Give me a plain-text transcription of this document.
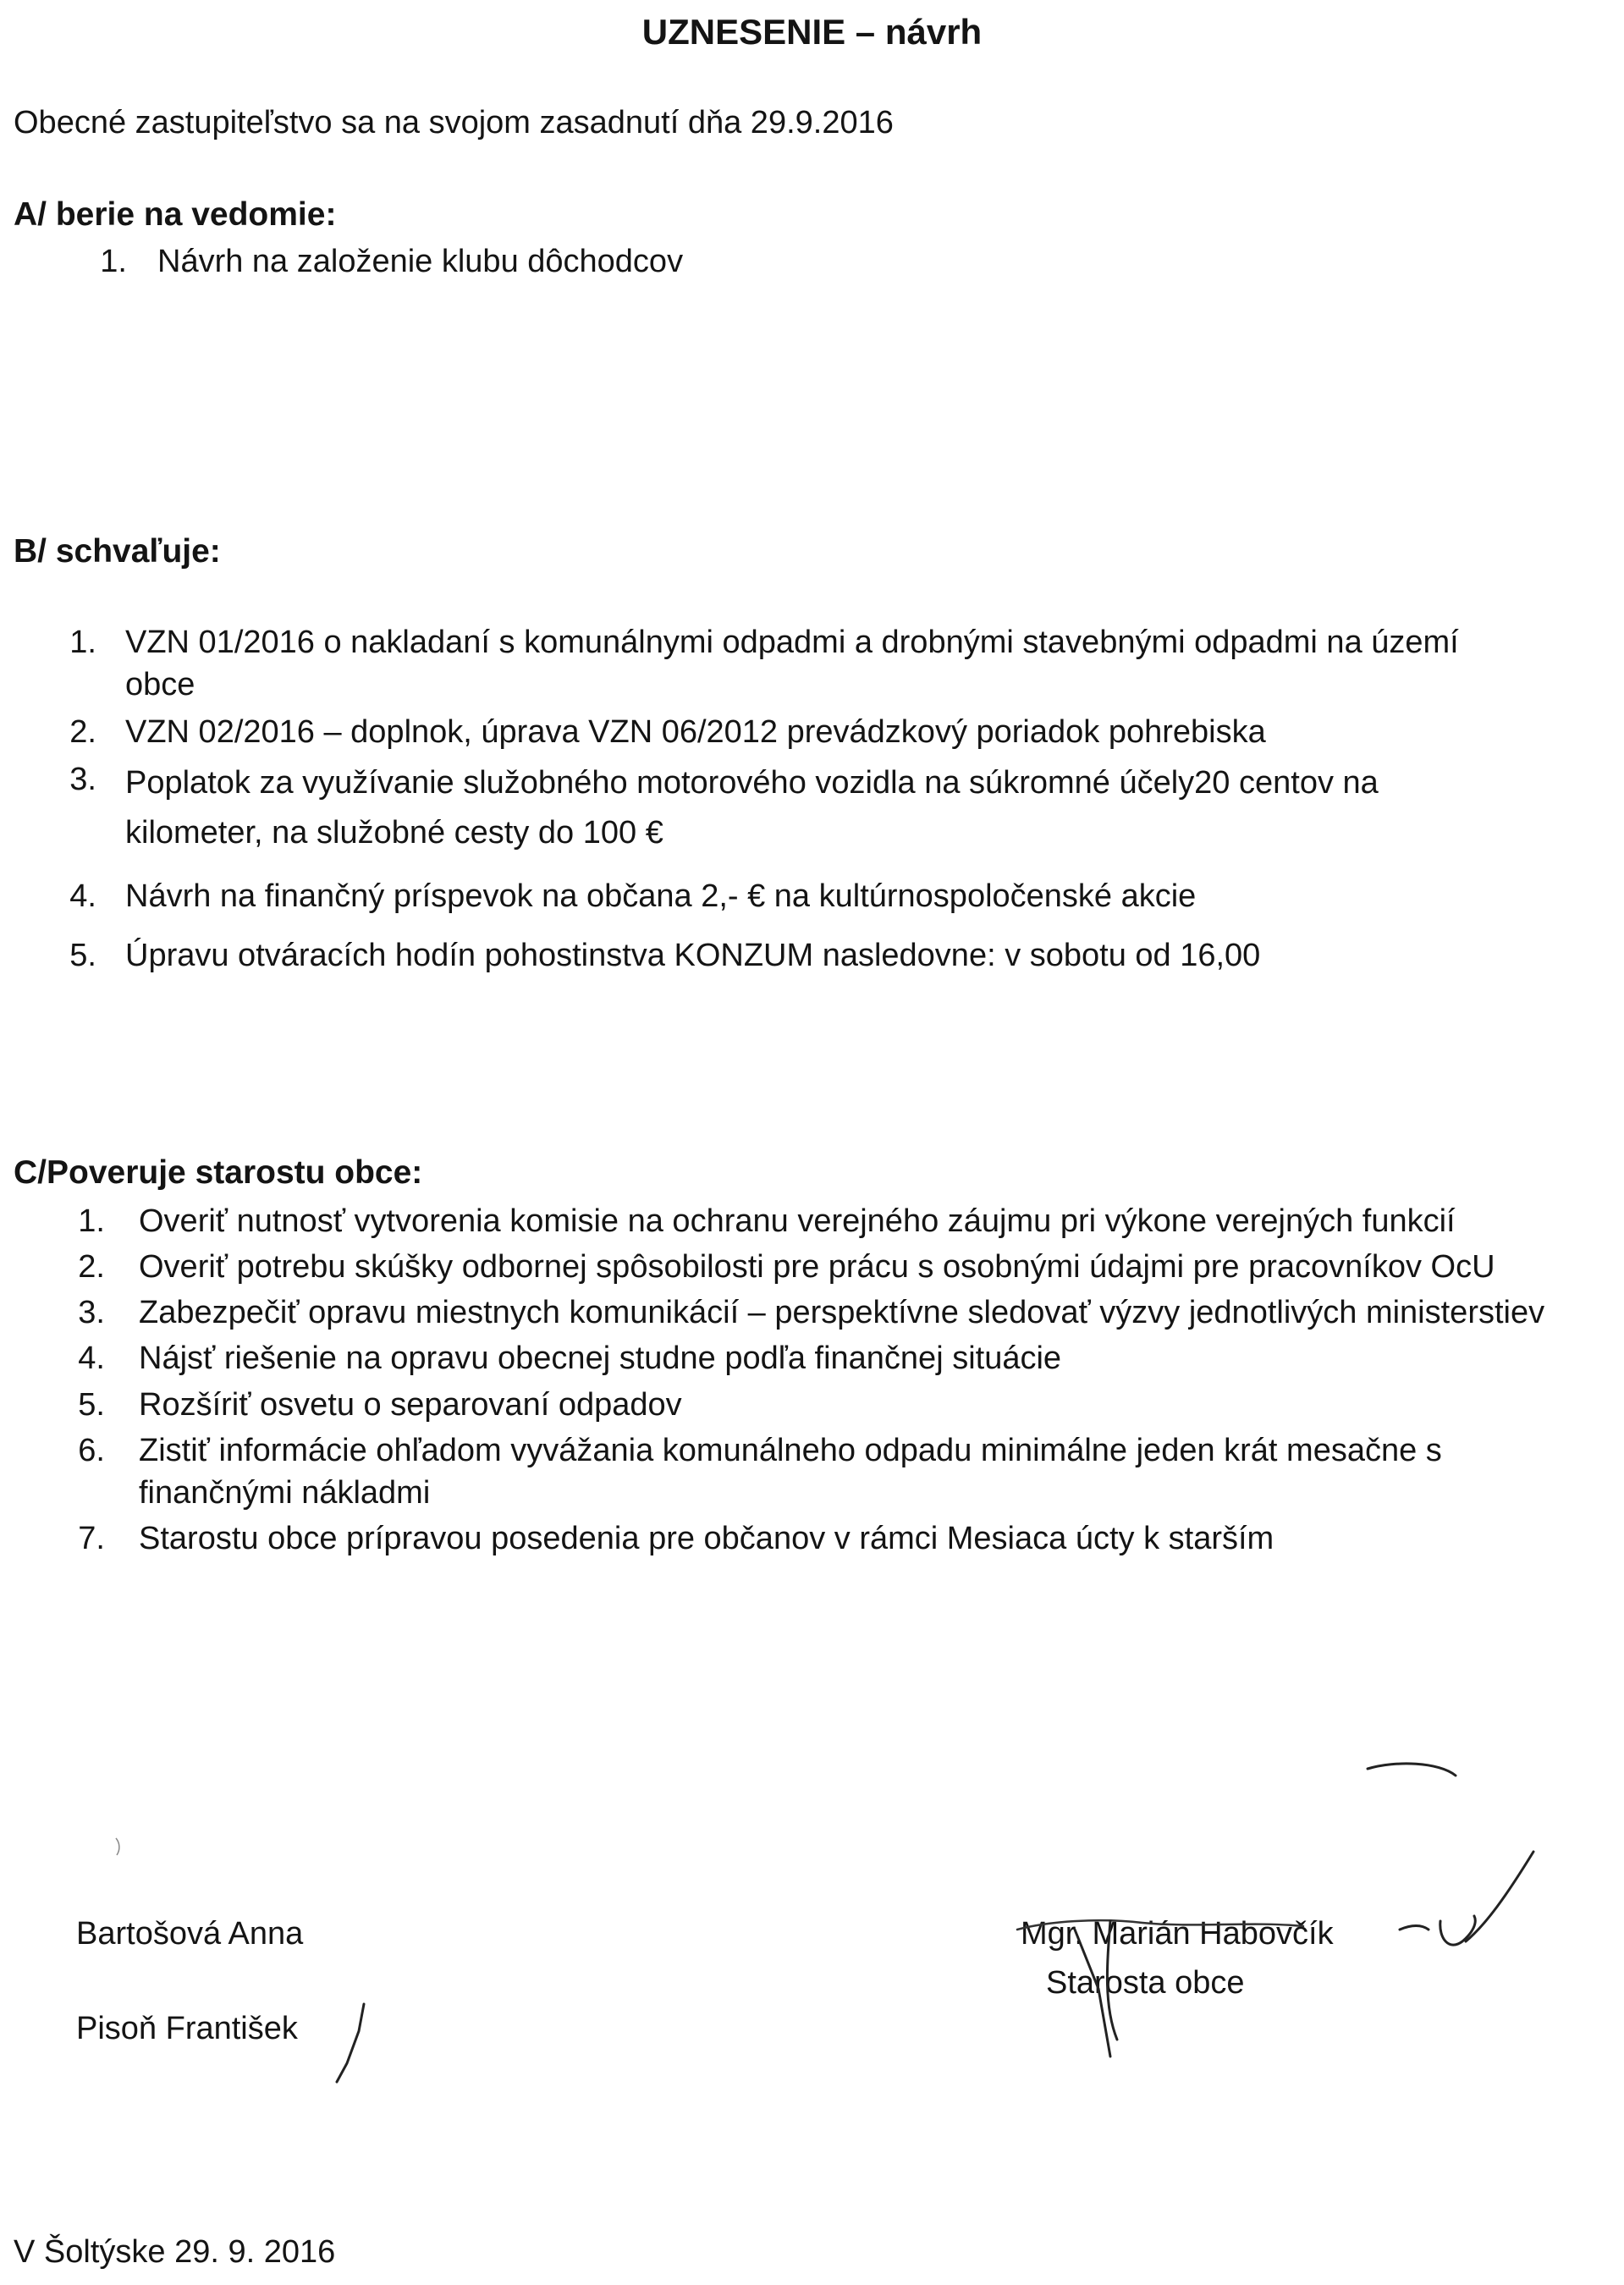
UZNESENIE – návrh
Obecné zastupiteľstvo sa na svojom zasadnutí dňa 29.9.2016
A/ berie na vedomie:
1. Návrh na založenie klubu dôchodcov
B/ schvaľuje:
1. VZN 01/2016 o nakladaní s komunálnymi odpadmi a drobnými stavebnými odpadmi na území obce
2. VZN 02/2016 – doplnok, úprava VZN 06/2012 prevádzkový poriadok pohrebiska
3. Poplatok za využívanie služobného motorového vozidla na súkromné účely20 centov na kilometer, na služobné cesty do 100 €
4. Návrh na finančný príspevok na občana 2,- € na kultúrnospoločenské akcie
5. Úpravu otváracích hodín pohostinstva KONZUM nasledovne: v sobotu od 16,00
C/Poveruje starostu obce:
1. Overiť nutnosť vytvorenia komisie na ochranu verejného záujmu pri výkone verejných funkcií
2. Overiť potrebu skúšky odbornej spôsobilosti pre prácu s osobnými údajmi pre pracovníkov OcU
3. Zabezpečiť opravu miestnych komunikácií – perspektívne sledovať výzvy jednotlivých ministerstiev
4. Nájsť riešenie na opravu obecnej studne podľa finančnej situácie
5. Rozšíriť osvetu o separovaní odpadov
6. Zistiť informácie ohľadom vyvážania komunálneho odpadu minimálne jeden krát mesačne s finančnými nákladmi
7. Starostu obce prípravou posedenia pre občanov v rámci Mesiaca úcty k starším
Bartošová Anna
Pisoň František
Mgr. Marián Habovčík
Starosta obce
V Šoltýske 29. 9. 2016
